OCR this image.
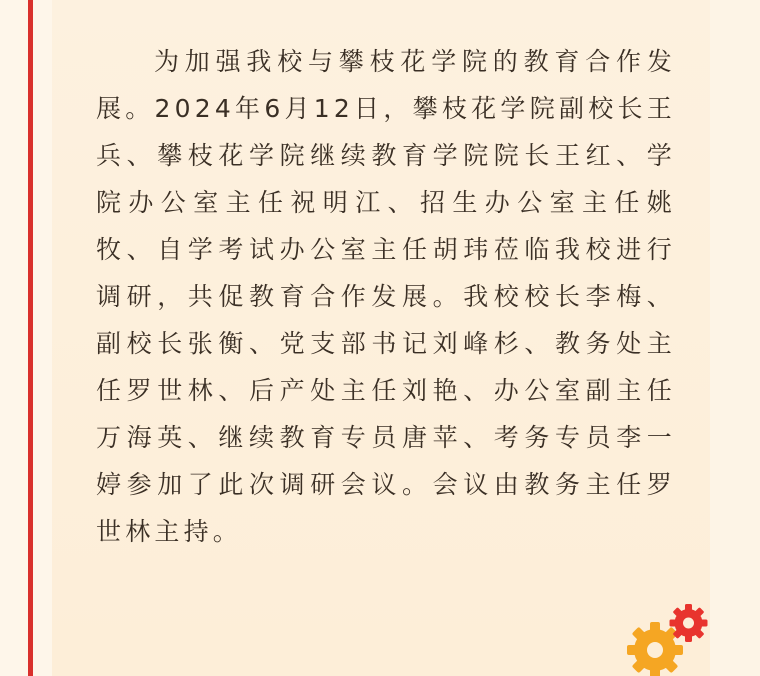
为加强我校与攀枝花学院的教育合作发展。2024年6月12日，攀枝花学院副校长王兵、攀枝花学院继续教育学院院长王红、学院办公室主任祝明江、招生办公室主任姚牧、自学考试办公室主任胡玮莅临我校进行调研，共促教育合作发展。我校校长李梅、副校长张衡、党支部书记刘峰杉、教务处主任罗世林、后产处主任刘艳、办公室副主任万海英、继续教育专员唐苹、考务专员李一婷参加了此次调研会议。会议由教务主任罗世林主持。
